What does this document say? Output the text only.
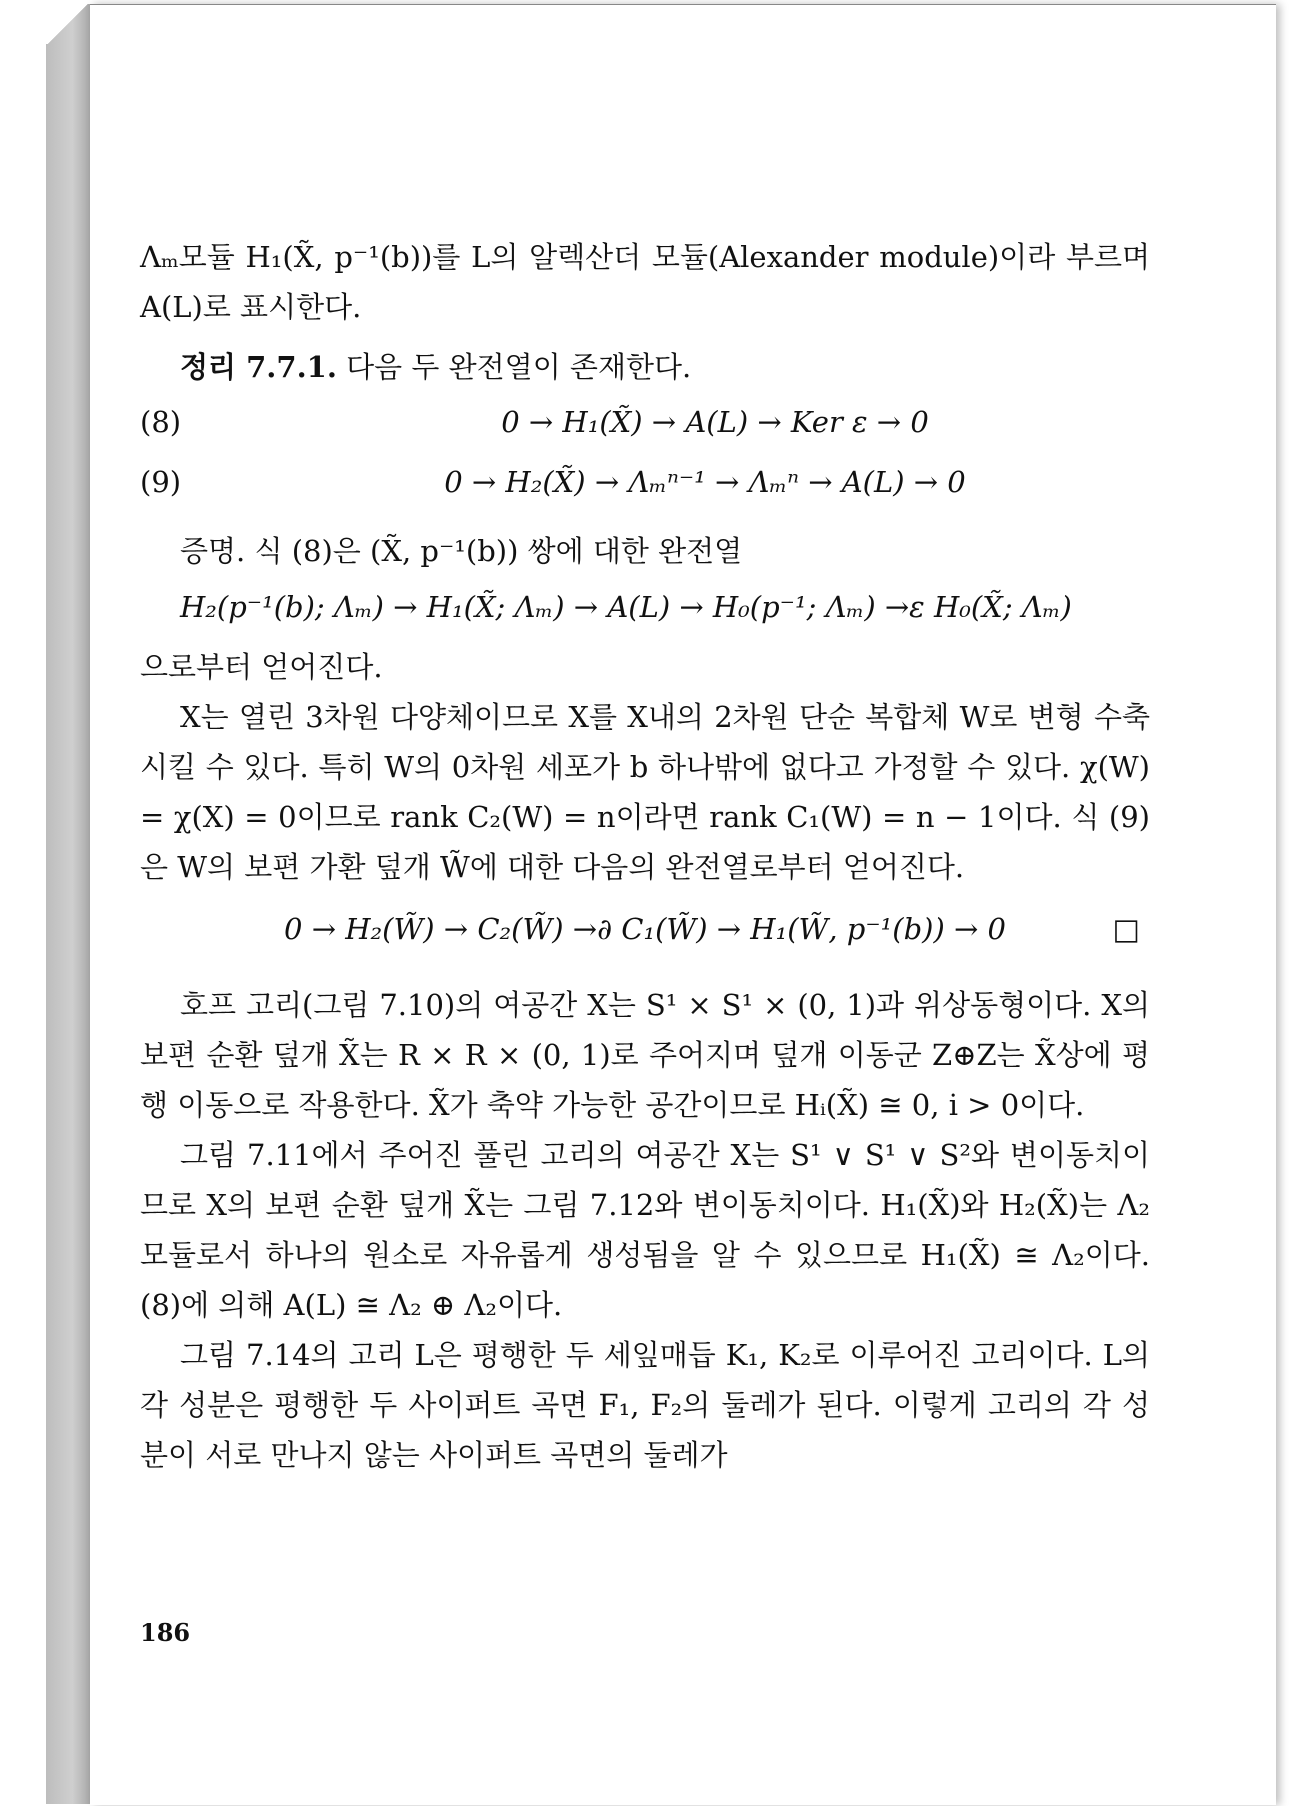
Λₘ모듈 H₁(X̃, p⁻¹(b))를 L의 알렉산더 모듈(Alexander module)이라 부르며 A(L)로 표시한다.

정리 7.7.1. 다음 두 완전열이 존재한다.

(8)	0 → H₁(X̃) → A(L) → Ker ε → 0
(9)	0 → H₂(X̃) → Λₘⁿ⁻¹ → Λₘⁿ → A(L) → 0

증명. 식 (8)은 (X̃, p⁻¹(b)) 쌍에 대한 완전열

H₂(p⁻¹(b); Λₘ) → H₁(X̃; Λₘ) → A(L) → H₀(p⁻¹; Λₘ) →ε H₀(X̃; Λₘ)

으로부터 얻어진다.

X는 열린 3차원 다양체이므로 X를 X내의 2차원 단순 복합체 W로 변형 수축시킬 수 있다. 특히 W의 0차원 세포가 b 하나밖에 없다고 가정할 수 있다. χ(W) = χ(X) = 0이므로 rank C₂(W) = n이라면 rank C₁(W) = n − 1이다. 식 (9)은 W의 보편 가환 덮개 W̃에 대한 다음의 완전열로부터 얻어진다.

0 → H₂(W̃) → C₂(W̃) →∂ C₁(W̃) → H₁(W̃, p⁻¹(b)) → 0	□

호프 고리(그림 7.10)의 여공간 X는 S¹ × S¹ × (0, 1)과 위상동형이다. X의 보편 순환 덮개 X̃는 R × R × (0, 1)로 주어지며 덮개 이동군 Z⊕Z는 X̃상에 평행 이동으로 작용한다. X̃가 축약 가능한 공간이므로 Hᵢ(X̃) ≅ 0, i > 0이다.

그림 7.11에서 주어진 풀린 고리의 여공간 X는 S¹ ∨ S¹ ∨ S²와 변이동치이므로 X의 보편 순환 덮개 X̃는 그림 7.12와 변이동치이다. H₁(X̃)와 H₂(X̃)는 Λ₂모듈로서 하나의 원소로 자유롭게 생성됨을 알 수 있으므로 H₁(X̃) ≅ Λ₂이다. (8)에 의해 A(L) ≅ Λ₂ ⊕ Λ₂이다.

그림 7.14의 고리 L은 평행한 두 세잎매듭 K₁, K₂로 이루어진 고리이다. L의 각 성분은 평행한 두 사이퍼트 곡면 F₁, F₂의 둘레가 된다. 이렇게 고리의 각 성분이 서로 만나지 않는 사이퍼트 곡면의 둘레가

186
